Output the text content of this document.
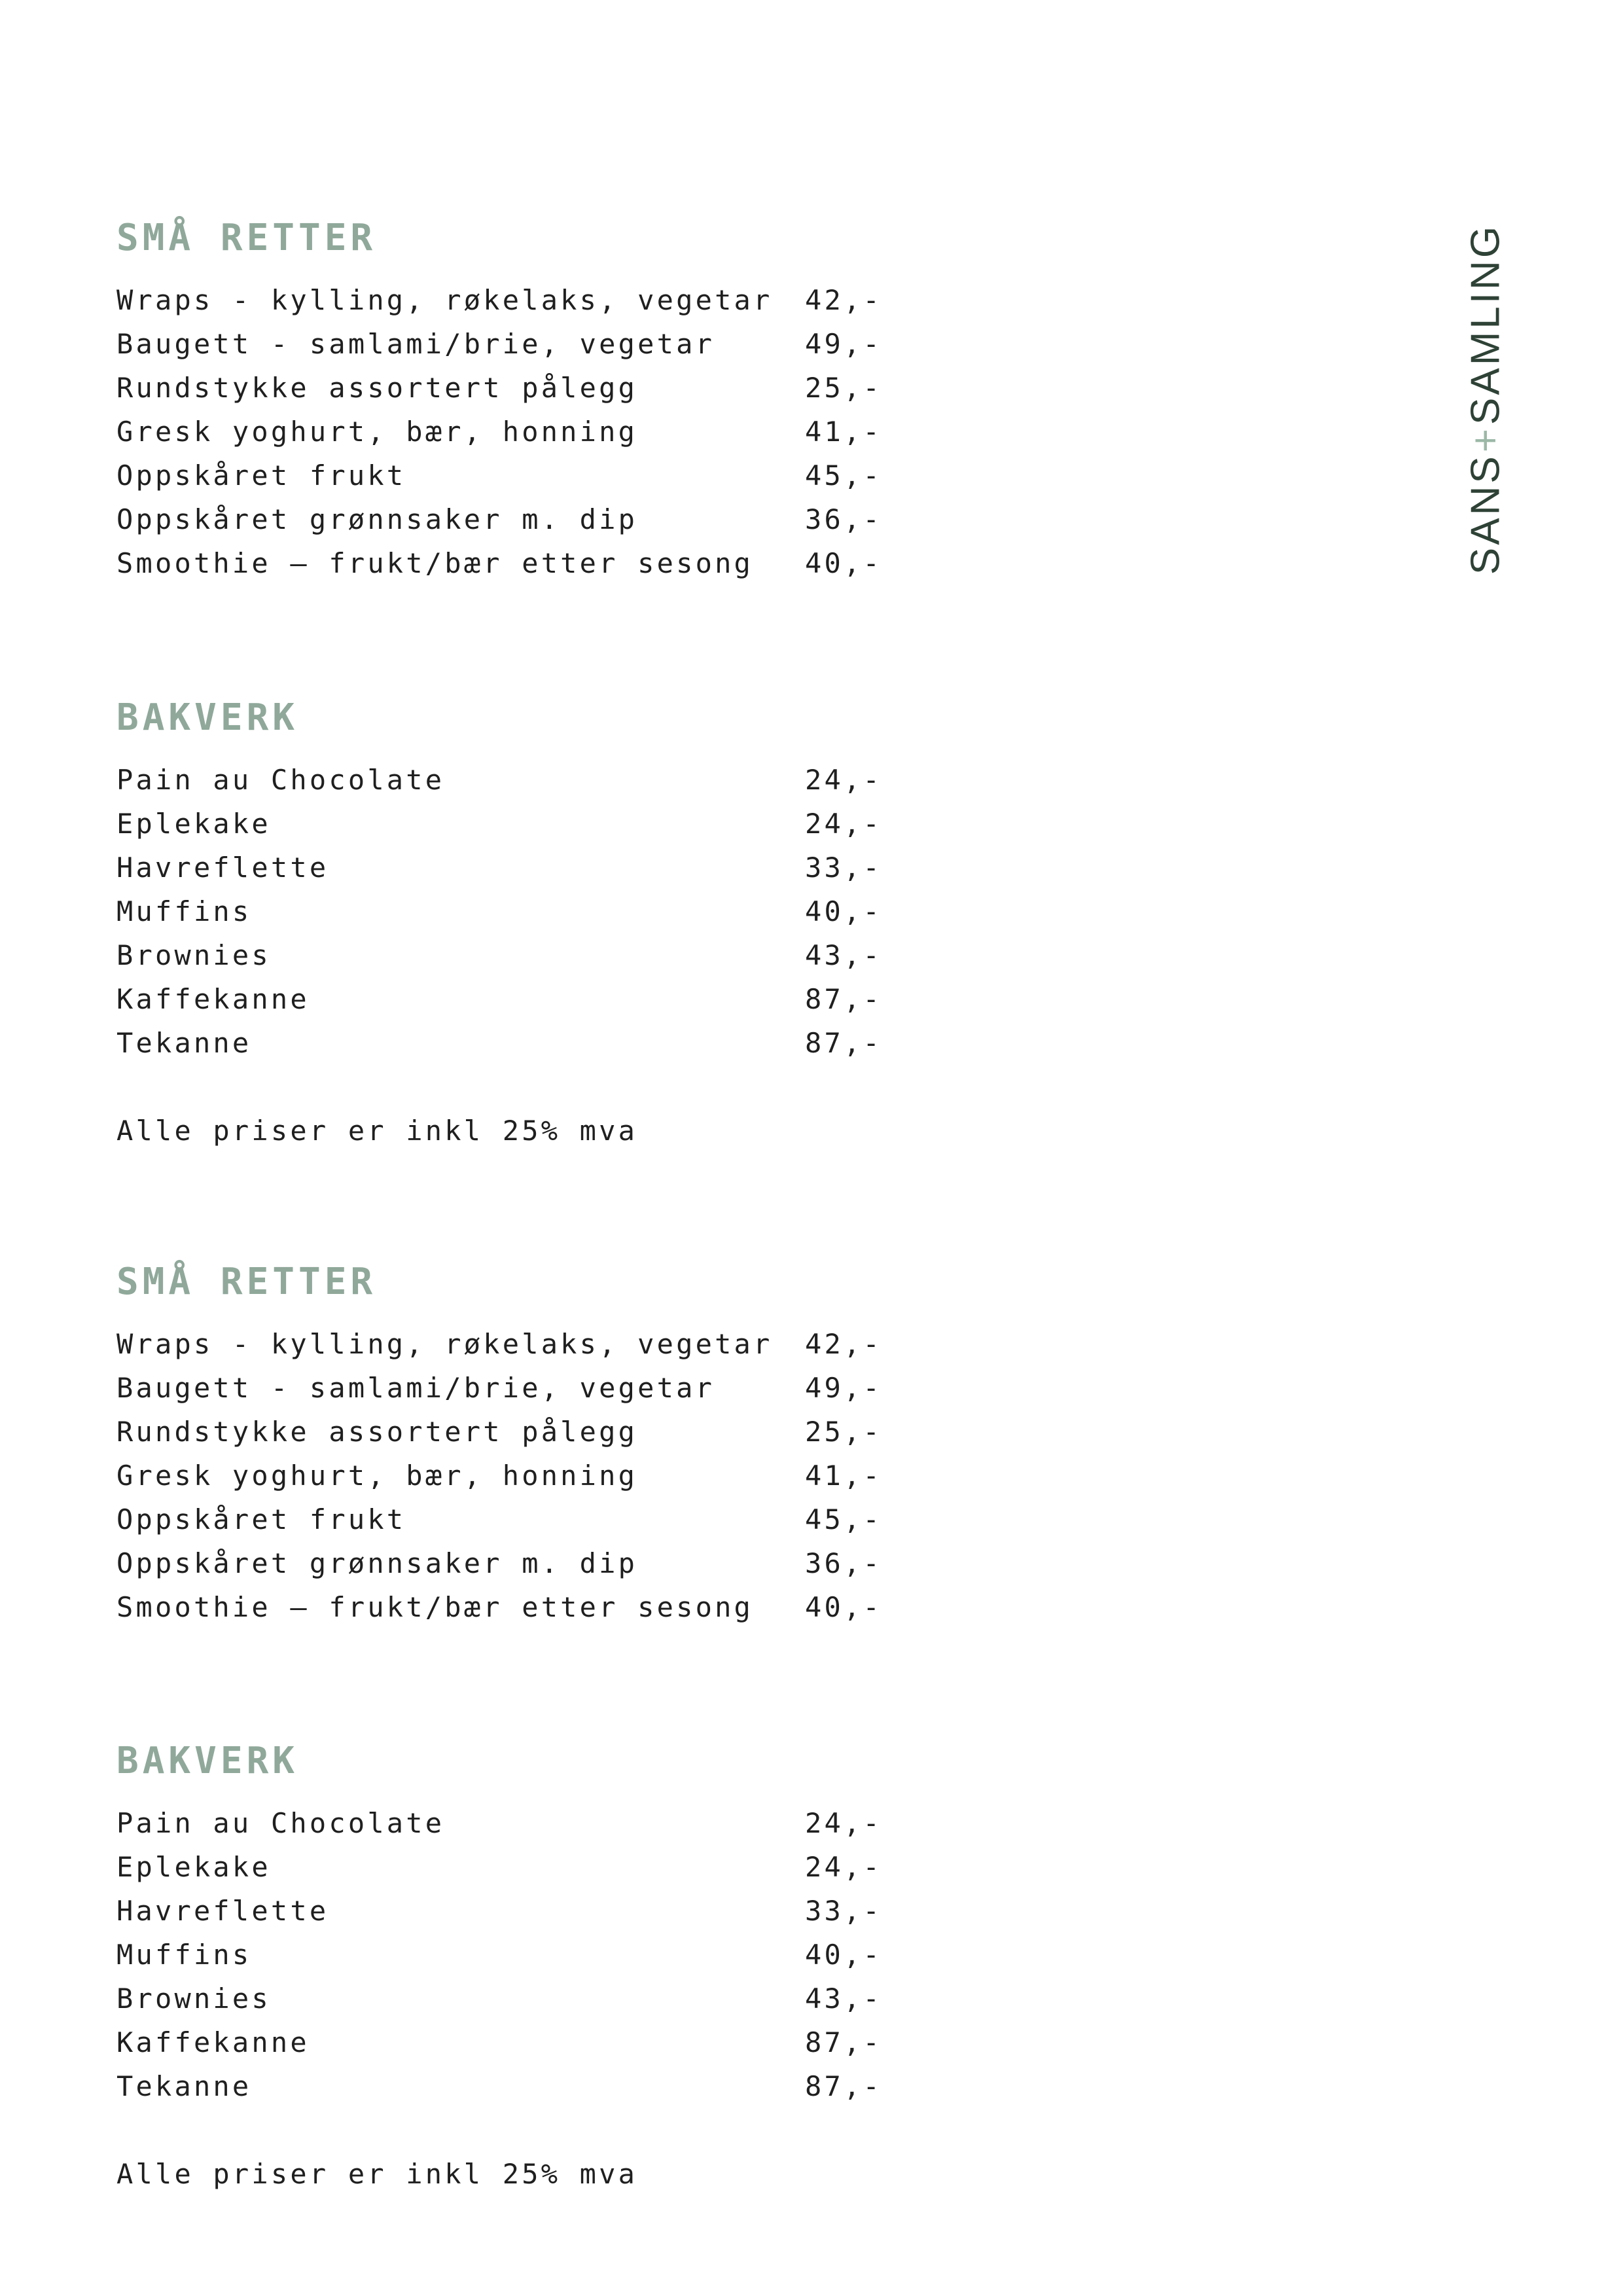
SMÅ RETTER
Wraps - kylling, røkelaks, vegetar	42,-
Baugett - samlami/brie, vegetar	49,-
Rundstykke assortert pålegg	25,-
Gresk yoghurt, bær, honning	41,-
Oppskåret frukt	45,-
Oppskåret grønnsaker m. dip	36,-
Smoothie – frukt/bær etter sesong	40,-
BAKVERK
Pain au Chocolate	24,-
Eplekake	24,-
Havreflette	33,-
Muffins	40,-
Brownies	43,-
Kaffekanne	87,-
Tekanne	87,-
Alle priser er inkl 25% mva
SMÅ RETTER
Wraps - kylling, røkelaks, vegetar	42,-
Baugett - samlami/brie, vegetar	49,-
Rundstykke assortert pålegg	25,-
Gresk yoghurt, bær, honning	41,-
Oppskåret frukt	45,-
Oppskåret grønnsaker m. dip	36,-
Smoothie – frukt/bær etter sesong	40,-
BAKVERK
Pain au Chocolate	24,-
Eplekake	24,-
Havreflette	33,-
Muffins	40,-
Brownies	43,-
Kaffekanne	87,-
Tekanne	87,-
Alle priser er inkl 25% mva
SANS+SAMLING
